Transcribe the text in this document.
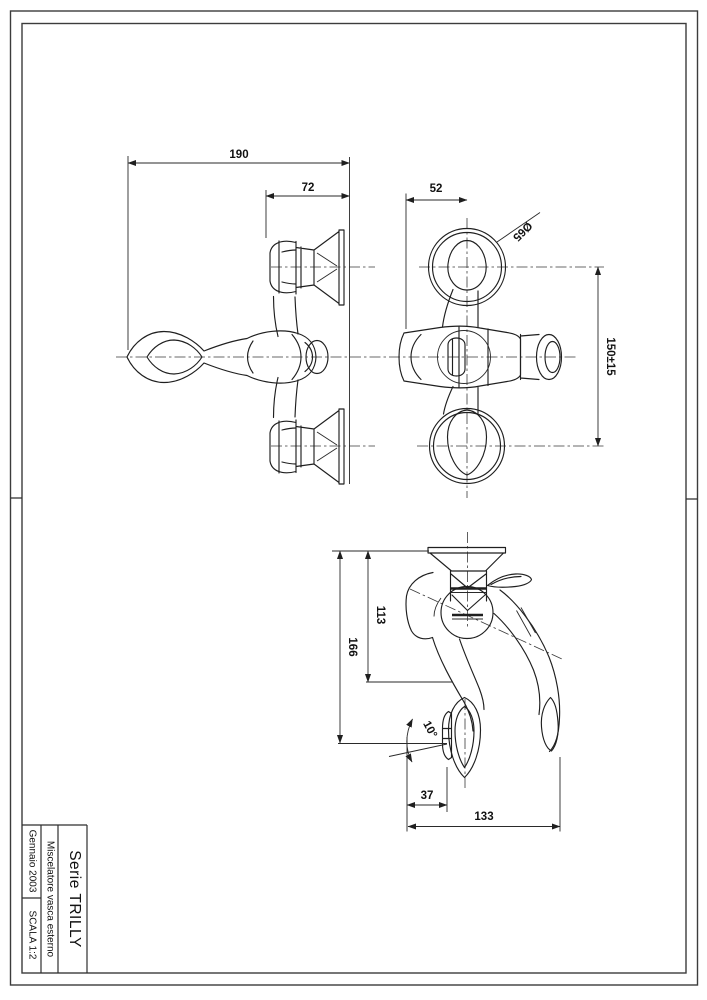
190
72
Ø65
52
150±15
166
113
10°
37
133
Serie TRILLY
Miscelatore vasca esterno
Gennaio 2003
SCALA 1:2
